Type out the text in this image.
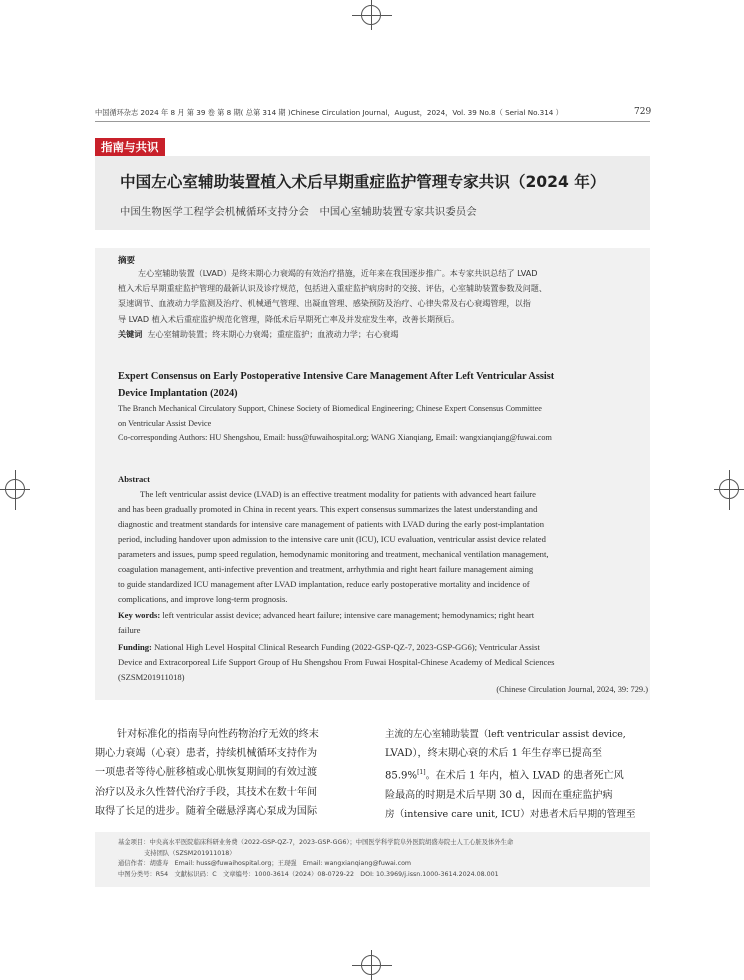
中国循环杂志 2024 年 8 月 第 39 卷 第 8 期( 总第 314 期 )Chinese Circulation Journal，August，2024，Vol. 39 No.8（ Serial No.314 ）	729
指南与共识
中国左心室辅助装置植入术后早期重症监护管理专家共识（2024 年）
中国生物医学工程学会机械循环支持分会　中国心室辅助装置专家共识委员会
摘要
左心室辅助装置（LVAD）是终末期心力衰竭的有效治疗措施，近年来在我国逐步推广。本专家共识总结了 LVAD
植入术后早期重症监护管理的最新认识及诊疗规范，包括进入重症监护病房时的交接、评估，心室辅助装置参数及问题、
泵速调节、血液动力学监测及治疗、机械通气管理、出凝血管理、感染预防及治疗、心律失常及右心衰竭管理，以指
导 LVAD 植入术后重症监护规范化管理，降低术后早期死亡率及并发症发生率，改善长期预后。
关键词 左心室辅助装置；终末期心力衰竭；重症监护；血液动力学；右心衰竭
Expert Consensus on Early Postoperative Intensive Care Management After Left Ventricular Assist
Device Implantation (2024)
The Branch Mechanical Circulatory Support, Chinese Society of Biomedical Engineering; Chinese Expert Consensus Committee
on Ventricular Assist Device
Co-corresponding Authors: HU Shengshou, Email: huss@fuwaihospital.org; WANG Xianqiang, Email: wangxianqiang@fuwai.com
Abstract
The left ventricular assist device (LVAD) is an effective treatment modality for patients with advanced heart failure
and has been gradually promoted in China in recent years. This expert consensus summarizes the latest understanding and
diagnostic and treatment standards for intensive care management of patients with LVAD during the early post-implantation
period, including handover upon admission to the intensive care unit (ICU), ICU evaluation, ventricular assist device related
parameters and issues, pump speed regulation, hemodynamic monitoring and treatment, mechanical ventilation management,
coagulation management, anti-infective prevention and treatment, arrhythmia and right heart failure management aiming
to guide standardized ICU management after LVAD implantation, reduce early postoperative mortality and incidence of
complications, and improve long-term prognosis.
Key words: left ventricular assist device; advanced heart failure; intensive care management; hemodynamics; right heart
failure
Funding: National High Level Hospital Clinical Research Funding (2022-GSP-QZ-7, 2023-GSP-GG6); Ventricular Assist
Device and Extracorporeal Life Support Group of Hu Shengshou From Fuwai Hospital-Chinese Academy of Medical Sciences
(SZSM201911018)
(Chinese Circulation Journal, 2024, 39: 729.)
针对标准化的指南导向性药物治疗无效的终末
期心力衰竭（心衰）患者，持续机械循环支持作为
一项患者等待心脏移植或心肌恢复期间的有效过渡
治疗以及永久性替代治疗手段，其技术在数十年间
取得了长足的进步。随着全磁悬浮离心泵成为国际
主流的左心室辅助装置（left ventricular assist device,
LVAD），终末期心衰的术后 1 年生存率已提高至
85.9%[1]。在术后 1 年内，植入 LVAD 的患者死亡风
险最高的时期是术后早期 30 d，因而在重症监护病
房（intensive care unit, ICU）对患者术后早期的管理至
基金项目：中央高水平医院临床科研业务费（2022-GSP-QZ-7，2023-GSP-GG6）；中国医学科学院阜外医院胡盛寿院士人工心脏及体外生命
支持团队（SZSM201911018）
通信作者：胡盛寿　Email: huss@fuwaihospital.org；王现强　Email: wangxianqiang@fuwai.com
中图分类号：R54　文献标识码：C　文章编号：1000-3614（2024）08-0729-22　DOI: 10.3969/j.issn.1000-3614.2024.08.001
